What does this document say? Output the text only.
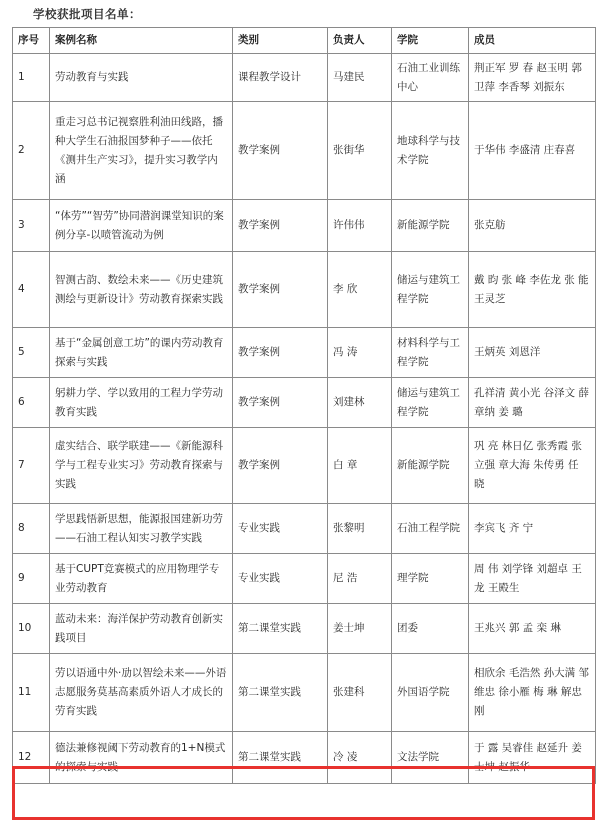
学校获批项目名单：
序号	案例名称	类别	负责人	学院	成员
1	劳动教育与实践	课程教学设计	马建民	石油工业训练中心	荆正军 罗 春 赵玉明 郭卫萍 李香琴 刘振东
2	重走习总书记视察胜利油田线路，播种大学生石油报国梦种子——依托《测井生产实习》，提升实习教学内涵	教学案例	张街华	地球科学与技术学院	于华伟 李盛清 庄春喜
3	“体劳”“智劳”协同潜润课堂知识的案例分享-以喷管流动为例	教学案例	许伟伟	新能源学院	张克舫
4	智测古韵、数绘未来——《历史建筑测绘与更新设计》劳动教育探索实践	教学案例	李 欣	储运与建筑工程学院	戴 昀 张 峰 李佐龙 张 能 王灵芝
5	基于“金属创意工坊”的课内劳动教育探索与实践	教学案例	冯 涛	材料科学与工程学院	王炳英 刘恩洋
6	躬耕力学、学以致用的工程力学劳动教育实践	教学案例	刘建林	储运与建筑工程学院	孔祥清 黄小光 谷泽文 薛章纳 姜 璐
7	虚实结合、联学联建——《新能源科学与工程专业实习》劳动教育探索与实践	教学案例	白 章	新能源学院	巩 亮 林日亿 张秀霞 张立强 章大海 朱传勇 任 晓
8	学思践悟新思想，能源报国建新功劳——石油工程认知实习教学实践	专业实践	张黎明	石油工程学院	李宾飞 齐 宁
9	基于CUPT竞赛模式的应用物理学专业劳动教育	专业实践	尼 浩	理学院	周 伟 刘学锋 刘超卓 王 龙 王殿生
10	蓝动未来：海洋保护劳动教育创新实践项目	第二课堂实践	姜士坤	团委	王兆兴 郭 孟 栾 琳
11	劳以语通中外·劢以智绘未来——外语志愿服务莫基高素质外语人才成长的劳育实践	第二课堂实践	张建科	外国语学院	相欣余 毛浩然 孙大满 邹维忠 徐小雁 梅 琳 解忠刚
12	德法兼修视阈下劳动教育的1+N模式的探索与实践	第二课堂实践	冷 凌	文法学院	于 露 吴睿佳 赵延升 姜士坤 赵振华
